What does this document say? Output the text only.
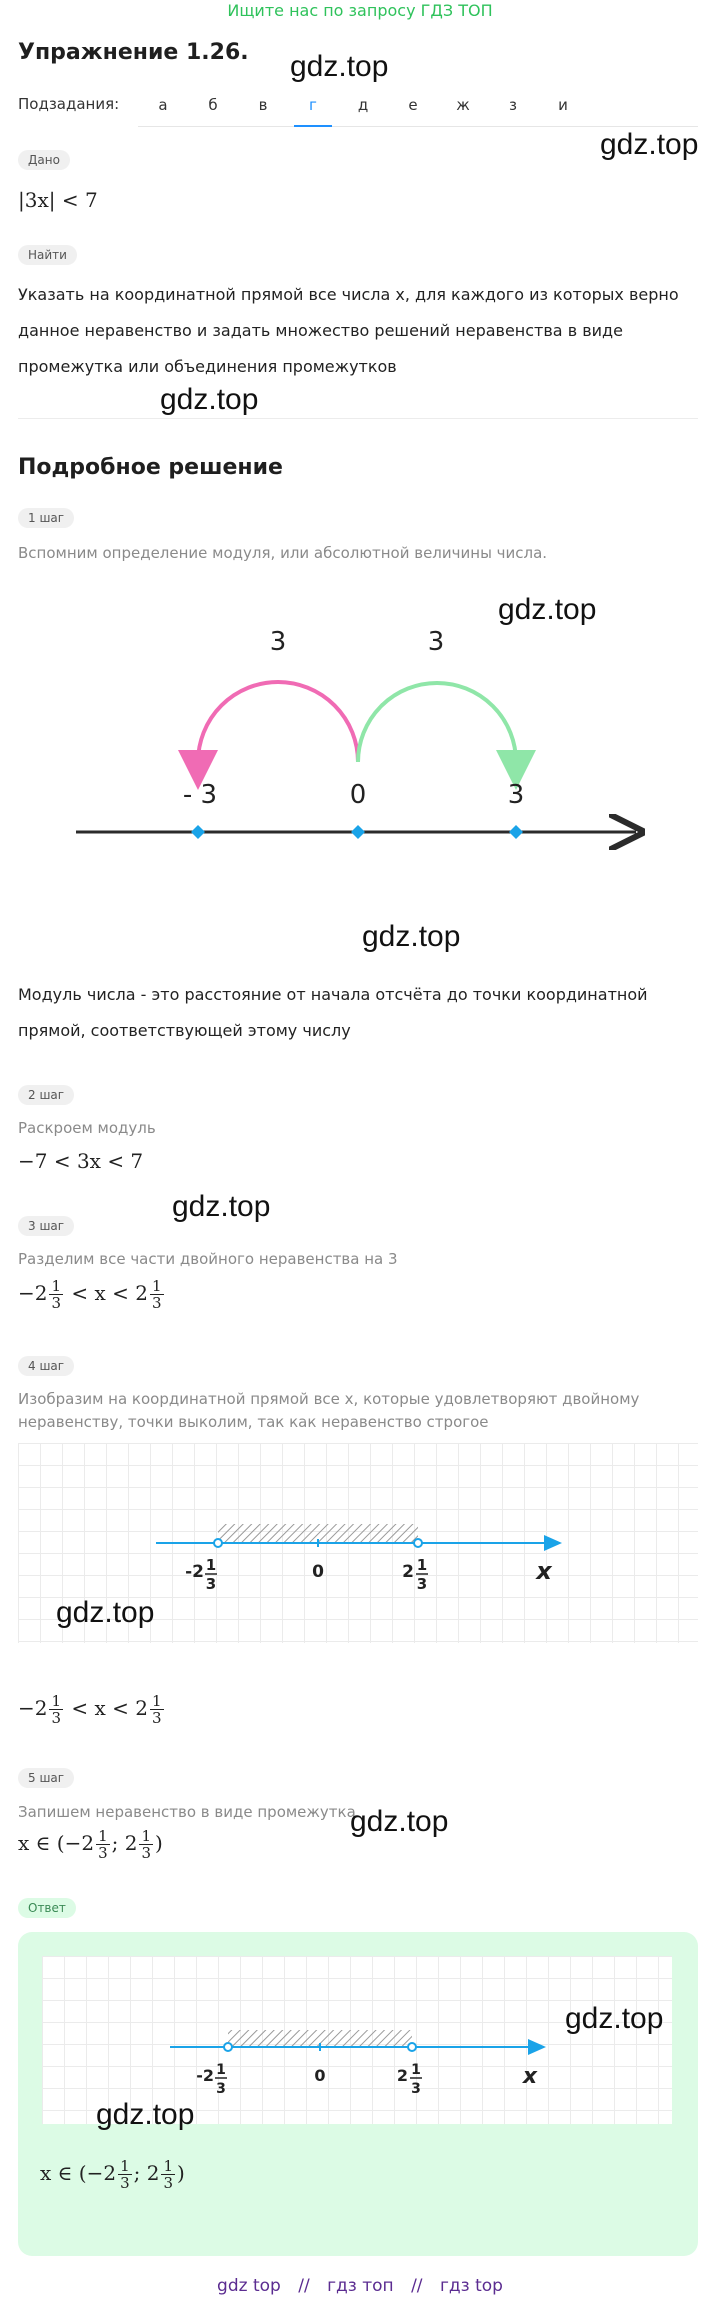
Ищите нас по запросу ГДЗ ТОП
Упражнение 1.26. gdz.top
gdz.top
Подзадания:	а	б	в	г	д	е	ж	з	и
Дано
|3x| < 7
Найти
Указать на координатной прямой все числа x, для каждого из которых верно
данное неравенство и задать множество решений неравенства в виде
промежутка или объединения промежутков
gdz.top
Подробное решение
1 шаг
Вспомним определение модуля, или абсолютной величины числа.
gdz.top
3	3
- 3	0	3
gdz.top
Модуль числа - это расстояние от начала отсчёта до точки координатной
прямой, соответствующей этому числу
2 шаг
Раскроем модуль
−7 < 3x < 7
gdz.top
3 шаг
Разделим все части двойного неравенства на 3
$-2 \frac{1}{3} < x < 2 \frac{1}{3}$
4 шаг
Изобразим на координатной прямой все x, которые удовлетворяют двойному
неравенству, точки выколим, так как неравенство строгое
-2 1
3
0	2 1
3	x
gdz.top
$-2 \frac{1}{3} < x < 2 \frac{1}{3}$
5 шаг
Запишем неравенство в виде промежутка
gdz.top
x ∈ ($-2 \frac{1}{3}$ ; $2 \frac{1}{3}$ )
Ответ
-2 1
3
0	2 1
3	x
x ∈ ($-2 \frac{1}{3}$ ; $2 \frac{1}{3}$ )
gdz.top
gdz.top
gdz top // гдз топ // гдз top
